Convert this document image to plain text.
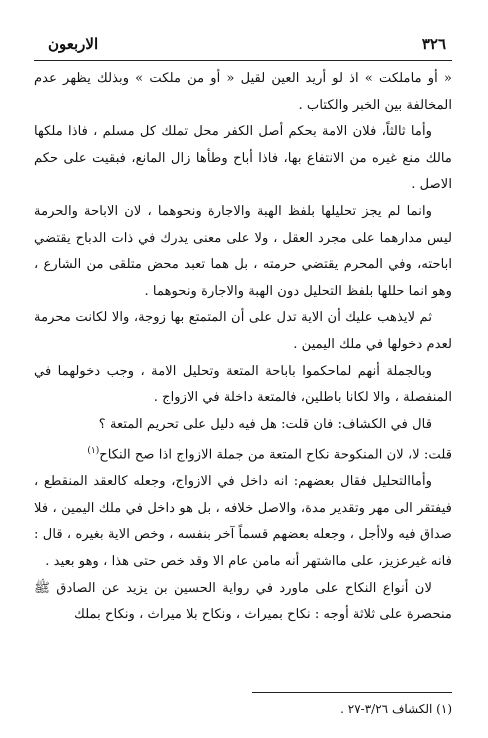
٣٢٦
الاربعون

« أو ماملكت » اذ لو أريد العين لقيل « أو من ملكت » وبذلك يظهر عدم المخالفة بين الخبر والكتاب .

وأما ثالثاً، فلان الامة بحكم أصل الكفر محل تملك كل مسلم ، فاذا ملكها مالك منع غيره من الانتفاع بها، فاذا أباح وطأها زال المانع، فبقيت على حكم الاصل .

وانما لم يجز تحليلها بلفظ الهبة والاجارة ونحوهما ، لان الاباحة والحرمة ليس مدارهما على مجرد العقل ، ولا على معنى يدرك في ذات الدباح يقتضي اباحته، وفي المحرم يقتضي حرمته ، بل هما تعبد محض متلقى من الشارع ، وهو انما حللها بلفظ التحليل دون الهبة والاجارة ونحوهما .

ثم لايذهب عليك أن الاية تدل على أن المتمتع بها زوجة، والا لكانت محرمة لعدم دخولها في ملك اليمين .

وبالجملة أنهم لماحكموا باباحة المتعة وتحليل الامة ، وجب دخولهما في المنفصلة ، والا لكانا باطلين، فالمتعة داخلة في الازواج .

قال في الكشاف: فان قلت: هل فيه دليل على تحريم المتعة ؟

قلت: لا، لان المنكوحة نكاح المتعة من جملة الازواج اذا صح النكاح$^{(١)}$

وأماالتحليل فقال بعضهم: انه داخل في الازواج، وجعله كالعقد المنقطع ، فيفتقر الى مهر وتقدير مدة، والاصل خلافه ، بل هو داخل في ملك اليمين ، فلا صداق فيه ولاأجل ، وجعله بعضهم قسماً آخر بنفسه ، وخص الاية بغيره ، قال : فانه غيرعزيز، على مااشتهر أنه مامن عام الا وقد خص حتى هذا ، وهو بعيد .

لان أنواع النكاح على ماورد في رواية الحسين بن يزيد عن الصادق ﷺ منحصرة على ثلاثة أوجه : نكاح بميراث ، ونكاح بلا ميراث ، ونكاح بملك

(١) الكشاف ٣/٢٦-٢٧ .
